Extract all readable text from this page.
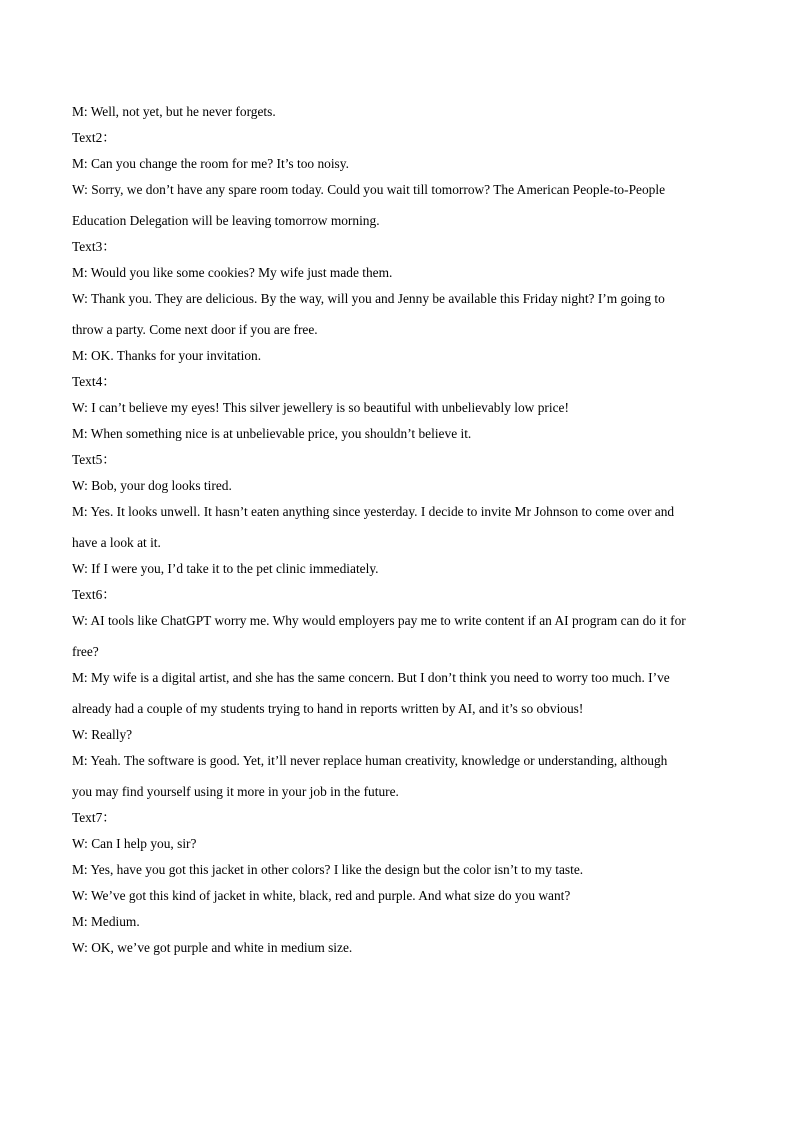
M: Well, not yet, but he never forgets.
Text2：
M: Can you change the room for me? It’s too noisy.
W: Sorry, we don’t have any spare room today. Could you wait till tomorrow? The American People-to-People
Education Delegation will be leaving tomorrow morning.
Text3：
M: Would you like some cookies? My wife just made them.
W: Thank you. They are delicious. By the way, will you and Jenny be available this Friday night? I’m going to
throw a party. Come next door if you are free.
M: OK. Thanks for your invitation.
Text4：
W: I can’t believe my eyes! This silver jewellery is so beautiful with unbelievably low price!
M: When something nice is at unbelievable price, you shouldn’t believe it.
Text5：
W: Bob, your dog looks tired.
M: Yes. It looks unwell. It hasn’t eaten anything since yesterday. I decide to invite Mr Johnson to come over and
have a look at it.
W: If I were you, I’d take it to the pet clinic immediately.
Text6：
W: AI tools like ChatGPT worry me. Why would employers pay me to write content if an AI program can do it for
free?
M: My wife is a digital artist, and she has the same concern. But I don’t think you need to worry too much. I’ve
already had a couple of my students trying to hand in reports written by AI, and it’s so obvious!
W: Really?
M: Yeah. The software is good. Yet, it’ll never replace human creativity, knowledge or understanding, although
you may find yourself using it more in your job in the future.
Text7：
W: Can I help you, sir?
M: Yes, have you got this jacket in other colors? I like the design but the color isn’t to my taste.
W: We’ve got this kind of jacket in white, black, red and purple. And what size do you want?
M: Medium.
W: OK, we’ve got purple and white in medium size.
